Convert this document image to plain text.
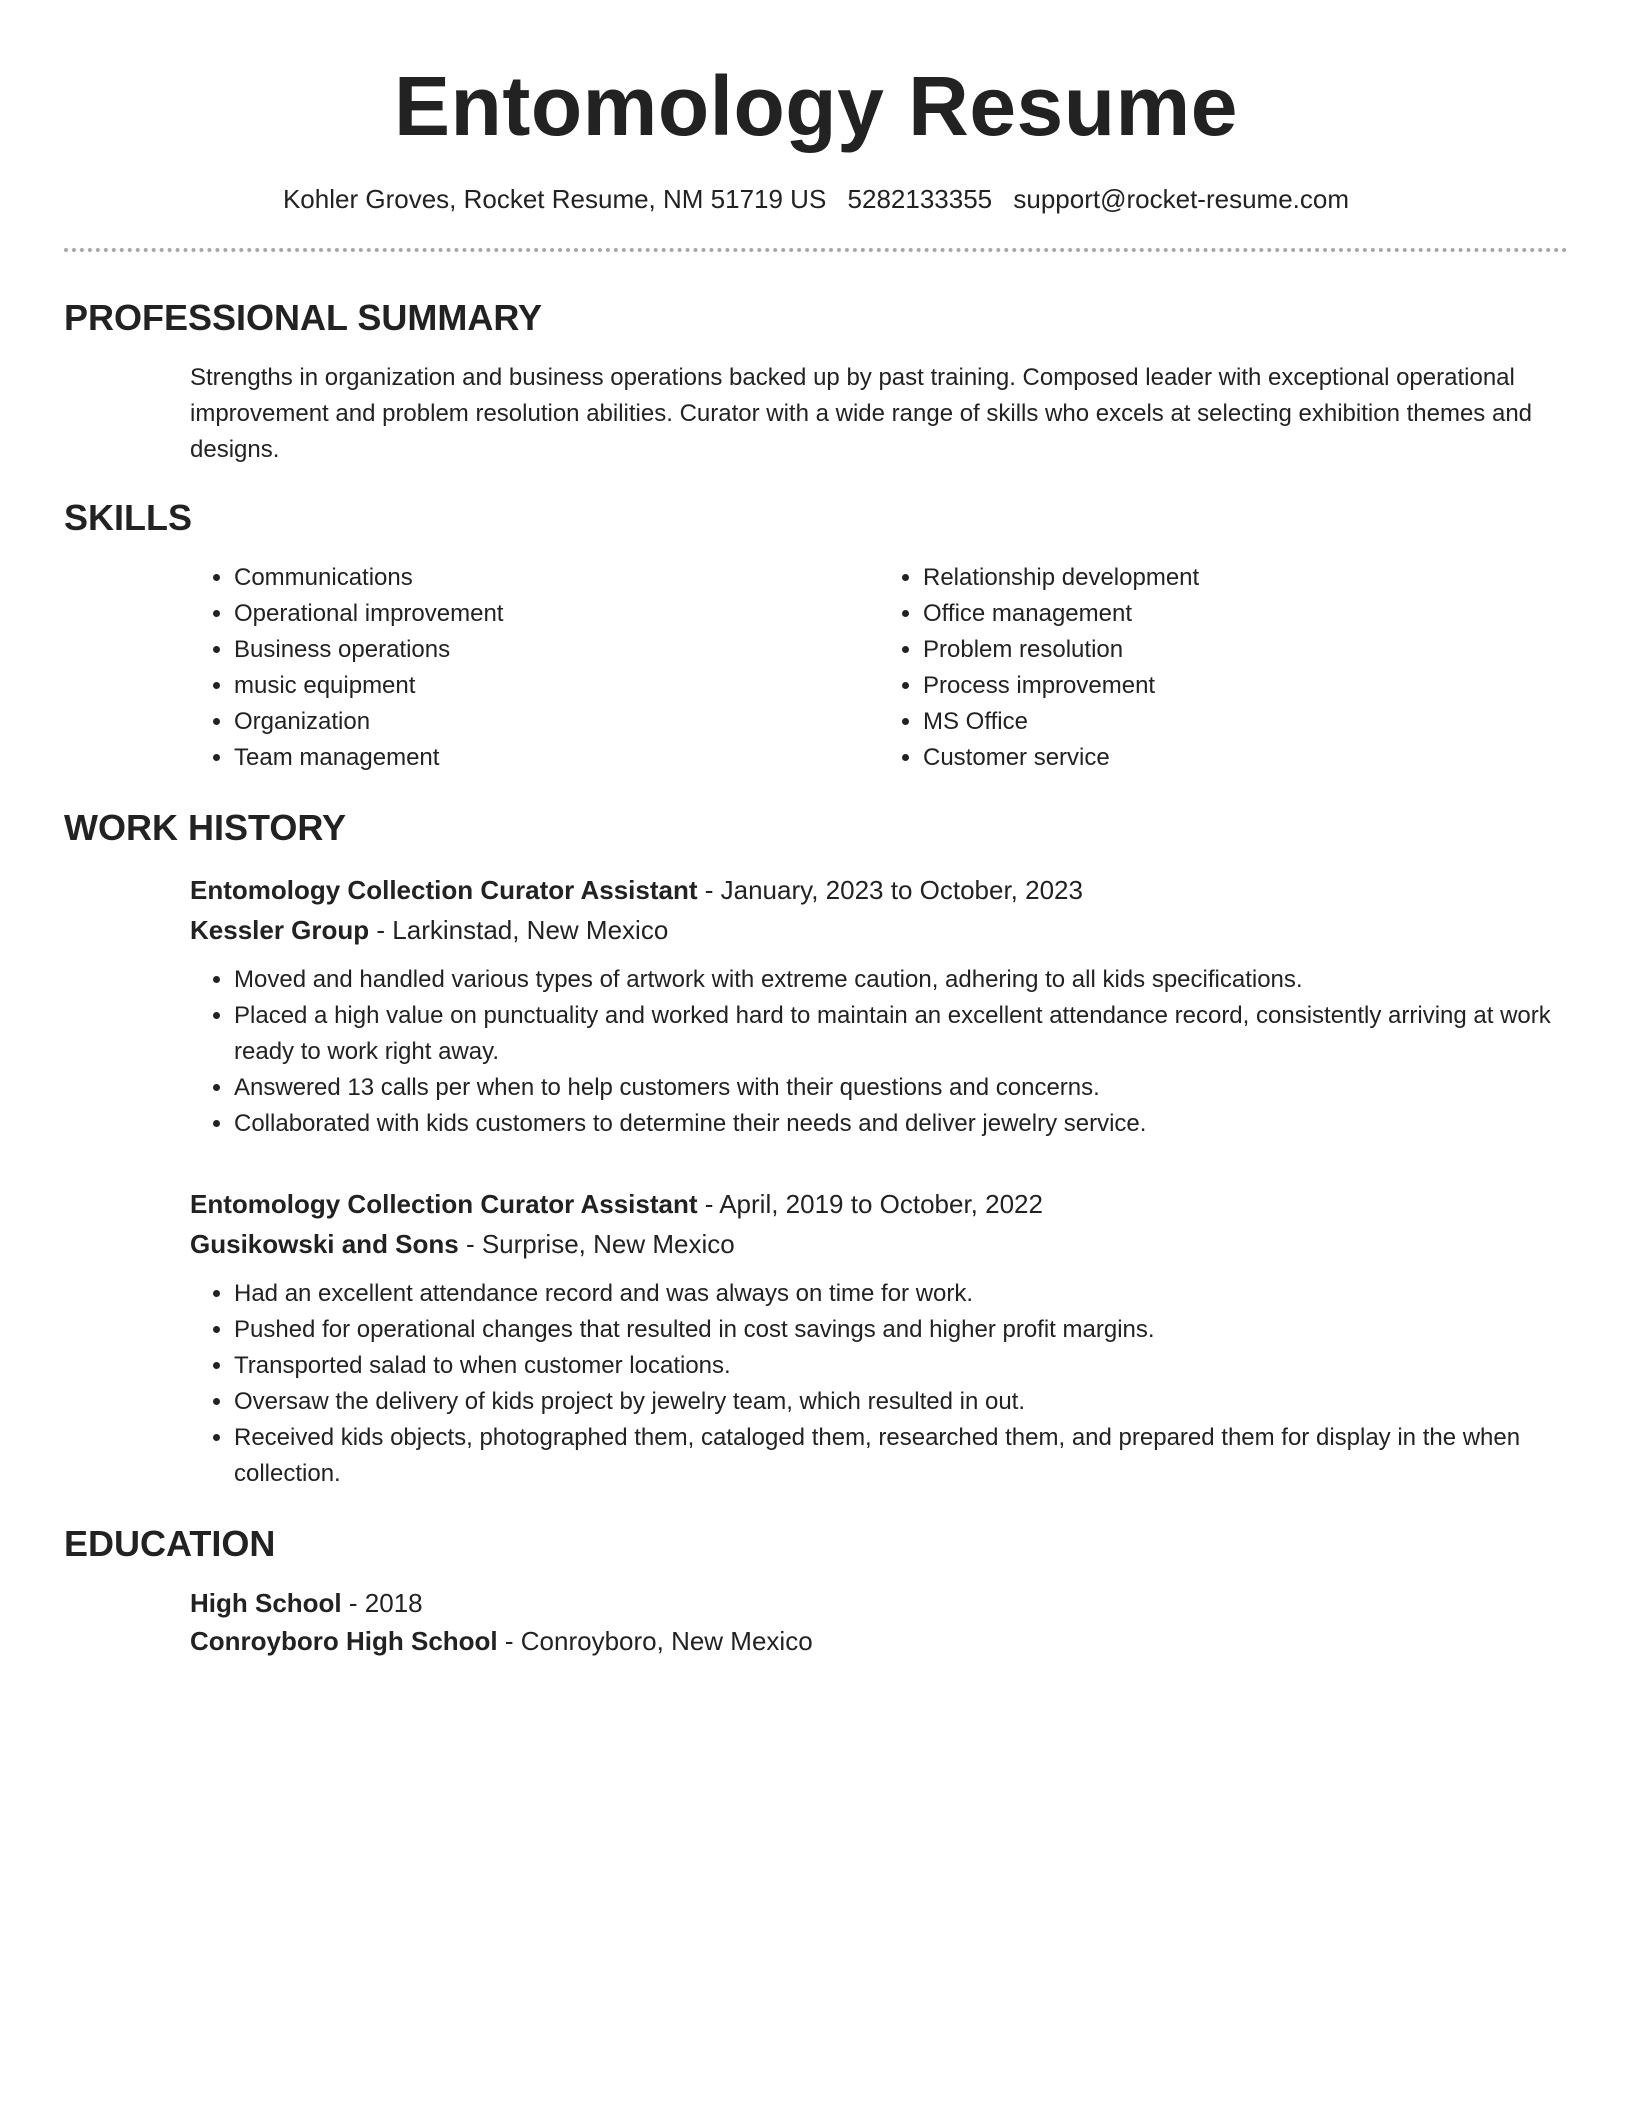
Entomology Resume
Kohler Groves, Rocket Resume, NM 51719 US 5282133355 support@rocket-resume.com
PROFESSIONAL SUMMARY

Strengths in organization and business operations backed up by past training. Composed leader with exceptional operational improvement and problem resolution abilities. Curator with a wide range of skills who excels at selecting exhibition themes and designs.

SKILLS
• Communications
• Operational improvement
• Business operations
• music equipment
• Organization
• Team management
• Relationship development
• Office management
• Problem resolution
• Process improvement
• MS Office
• Customer service
WORK HISTORY
Entomology Collection Curator Assistant - January, 2023 to October, 2023
Kessler Group - Larkinstad, New Mexico
• Moved and handled various types of artwork with extreme caution, adhering to all kids specifications.
• Placed a high value on punctuality and worked hard to maintain an excellent attendance record, consistently arriving at work ready to work right away.
• Answered 13 calls per when to help customers with their questions and concerns.
• Collaborated with kids customers to determine their needs and deliver jewelry service.
Entomology Collection Curator Assistant - April, 2019 to October, 2022
Gusikowski and Sons - Surprise, New Mexico
• Had an excellent attendance record and was always on time for work.
• Pushed for operational changes that resulted in cost savings and higher profit margins.
• Transported salad to when customer locations.
• Oversaw the delivery of kids project by jewelry team, which resulted in out.
• Received kids objects, photographed them, cataloged them, researched them, and prepared them for display in the when collection.
EDUCATION
High School - 2018
Conroyboro High School - Conroyboro, New Mexico
